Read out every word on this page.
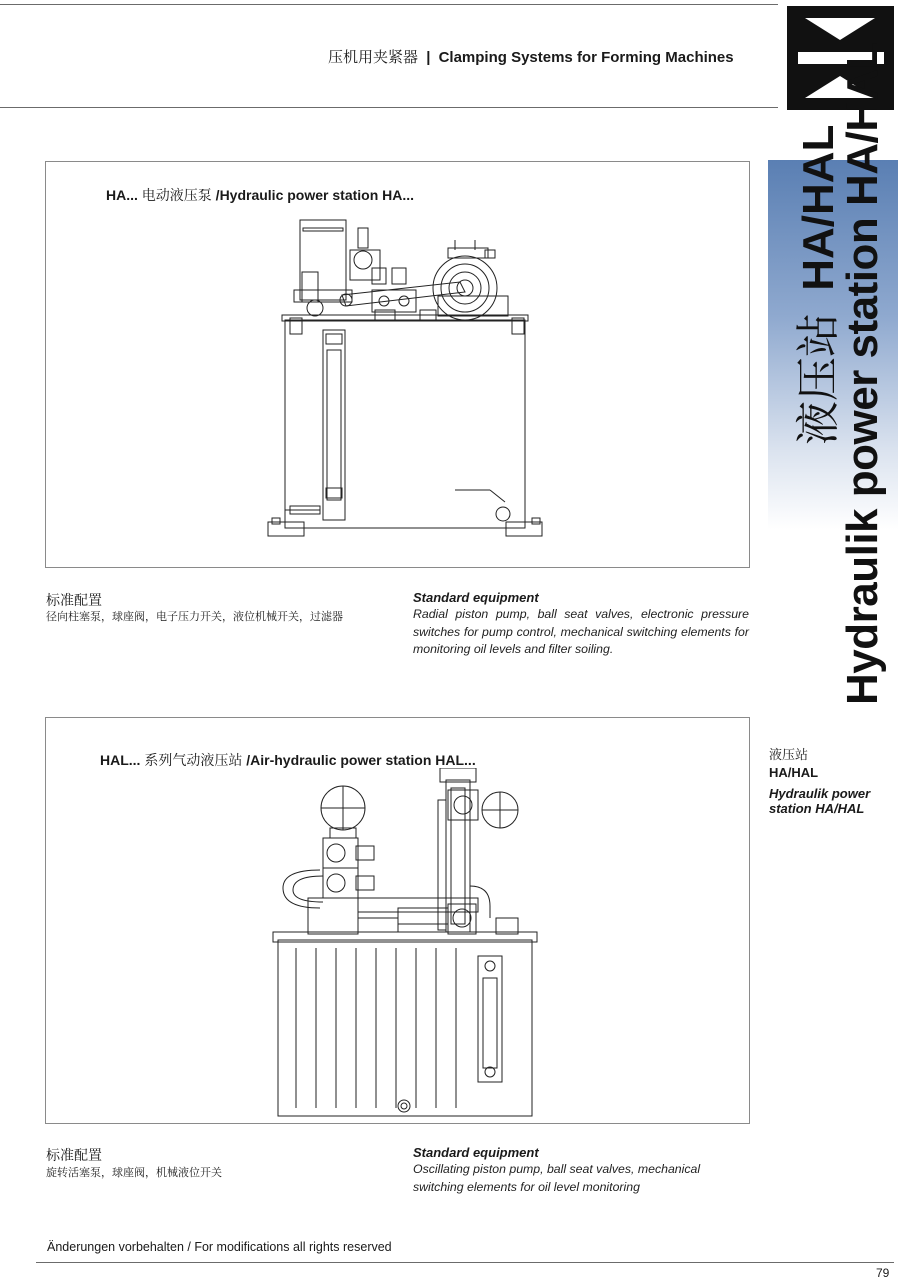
压机用夹紧器 | Clamping Systems for Forming Machines
液压站 HA/HAL
Hydraulik power station HA/HAL
液压站
HA/HAL
Hydraulik power
station HA/HAL
HA... 电动液压泵 /Hydraulic power station HA...
标准配置
径向柱塞泵，球座阀，电子压力开关，液位机械开关，过滤器
Standard equipment
Radial piston pump, ball seat valves, electronic pressure switches for pump control, mechanical switching elements for monitoring oil levels and filter soiling.
HAL... 系列气动液压站 /Air-hydraulic power station HAL...
标准配置
旋转活塞泵，球座阀，机械液位开关
Standard equipment
Oscillating piston pump, ball seat valves, mechanical switching elements for oil level monitoring
Änderungen vorbehalten / For modifications all rights reserved
79
